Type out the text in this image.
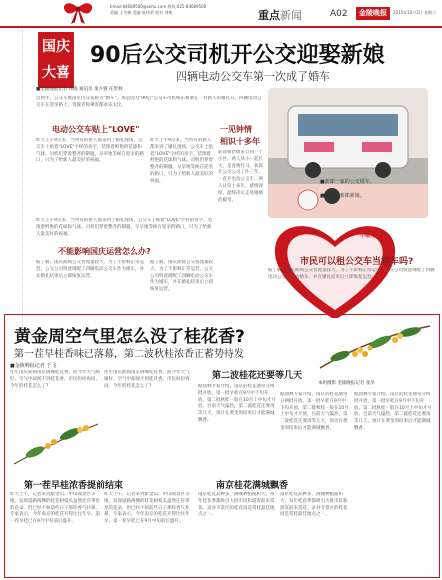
Email:84689500@sohu.com 热线:025-84689500
责编 王雪梅 美编 陈伟荣 校对 刘敏	重点新闻	A02	金陵晚报	2015年10月3日 星期六
国庆
大喜
90后公交司机开公交迎娶新娘
四辆电动公交车第一次成了婚车
■金陵晚报记者 徐晓 通讯员 童方强 任贵林
这两年，公交车被南京民众戏称为"婚车"，那是因为"90后"公交车司机杨东和梁在一对新人的婚礼日，四辆电动公交车在迎亲路上，驾驶者和乘客都欢乐无比。
■新郎一家的公交婚车。
■幸福的新郎新娘。
电动公交车贴上"LOVE"
昨天上午9点多，当所有的新人都来到了婚礼现场，公交车上贴着"LOVE"字样的喜字，装饰着鲜艳的花球和气球。司机们穿着整齐的制服，早早地等候在迎亲的路口，只为了给新人最美好的祝福。
昨天上午9点多，当所有的新人都来到了婚礼现场，公交车上贴着"LOVE"字样的喜字，装饰着鲜艳的花球和气球。司机们穿着整齐的制服，早早地等候在迎亲的路口，只为了给新人最美好的祝福。
一见钟情
相识十多年
新郎和新娘来自同一个小区，两人从小一起长大，是青梅竹马。新郎在公交公司工作三年，一直开电动公交车，两人认识十多年，感情深厚，最终决定走进婚姻的殿堂。
昨天上午9点多，当所有的新人都来到了婚礼现场，公交车上贴着"LOVE"字样的喜字，装饰着鲜艳的花球和气球。司机们穿着整齐的制服，早早地等候在迎亲的路口，只为了给新人最美好的祝福。
不能影响国庆运营怎么办?
据了解，国庆期间公交客流量较大，为了不影响正常运营，公交公司特意调配了四辆电动公交车作为婚车，并在婚礼结束后立即恢复运营。
据了解，国庆期间公交客流量较大，为了不影响正常运营，公交公司特意调配了四辆电动公交车作为婚车，并在婚礼结束后立即恢复运营。
小晴儿
市民可以租公交车当婚车吗?
据了解，国庆期间公交客流量较大，为了不影响正常运营，公交公司特意调配了四辆电动公交车作为婚车，并在婚礼结束后立即恢复运营。
黄金周空气里怎么没了桂花香?
第一茬早桂香味已落幕，第二波秋桂浓香正蓄势待发
■金陵晚报记者 于飞
本组摄影 金陵晚报记者 张华
往年国庆期间南京满城桂花香，而今年天气晴好，空气中却闻不到桂花香。市民纷纷询问，今年的桂花怎么了?
往年国庆期间南京满城桂花香，而今年天气晴好，空气中却闻不到桂花香。市民纷纷询问，今年的桂花怎么了?
第一茬早桂浓香提前结束
昨天上午，记者来到紫金山、中山陵景区等地，发现道路两侧的桂花树枝头虽然还有零星的花朵，但已经不如前些日子那样香气扑鼻。专家表示，今年南京的桂花开得比往年早，第一茬早桂已在9月中旬前后盛开。
昨天上午，记者来到紫金山、中山陵景区等地，发现道路两侧的桂花树枝头虽然还有零星的花朵，但已经不如前些日子那样香气扑鼻。专家表示，今年南京的桂花开得比往年早，第一茬早桂已在9月中旬前后盛开。
第二波桂花还要等几天
据园林专家介绍，南京的桂花通常分两批开放，第一批早桂在9月中下旬开放，第二批秋桂一般在10月上中旬才开放。目前天气偏热，第二波桂花还要再等几天，预计在黄金周结束后才能满城飘香。
据园林专家介绍，南京的桂花通常分两批开放，第一批早桂在9月中下旬开放，第二批秋桂一般在10月上中旬才开放。目前天气偏热，第二波桂花还要再等几天，预计在黄金周结束后才能满城飘香。
南京桂花满城飘香
南京桂花品种多，满城种植面积大，每年桂花季都吸引大批市民和游客前来赏花。灵谷寺景区的桂花园是赏桂最佳地点之一。
南京桂花品种多，满城种植面积大，每年桂花季都吸引大批市民和游客前来赏花。灵谷寺景区的桂花园是赏桂最佳地点之一。
据园林专家介绍，南京的桂花通常分两批开放，第一批早桂在9月中下旬开放，第二批秋桂一般在10月上中旬才开放。目前天气偏热，第二波桂花还要再等几天，预计在黄金周结束后才能满城飘香。
